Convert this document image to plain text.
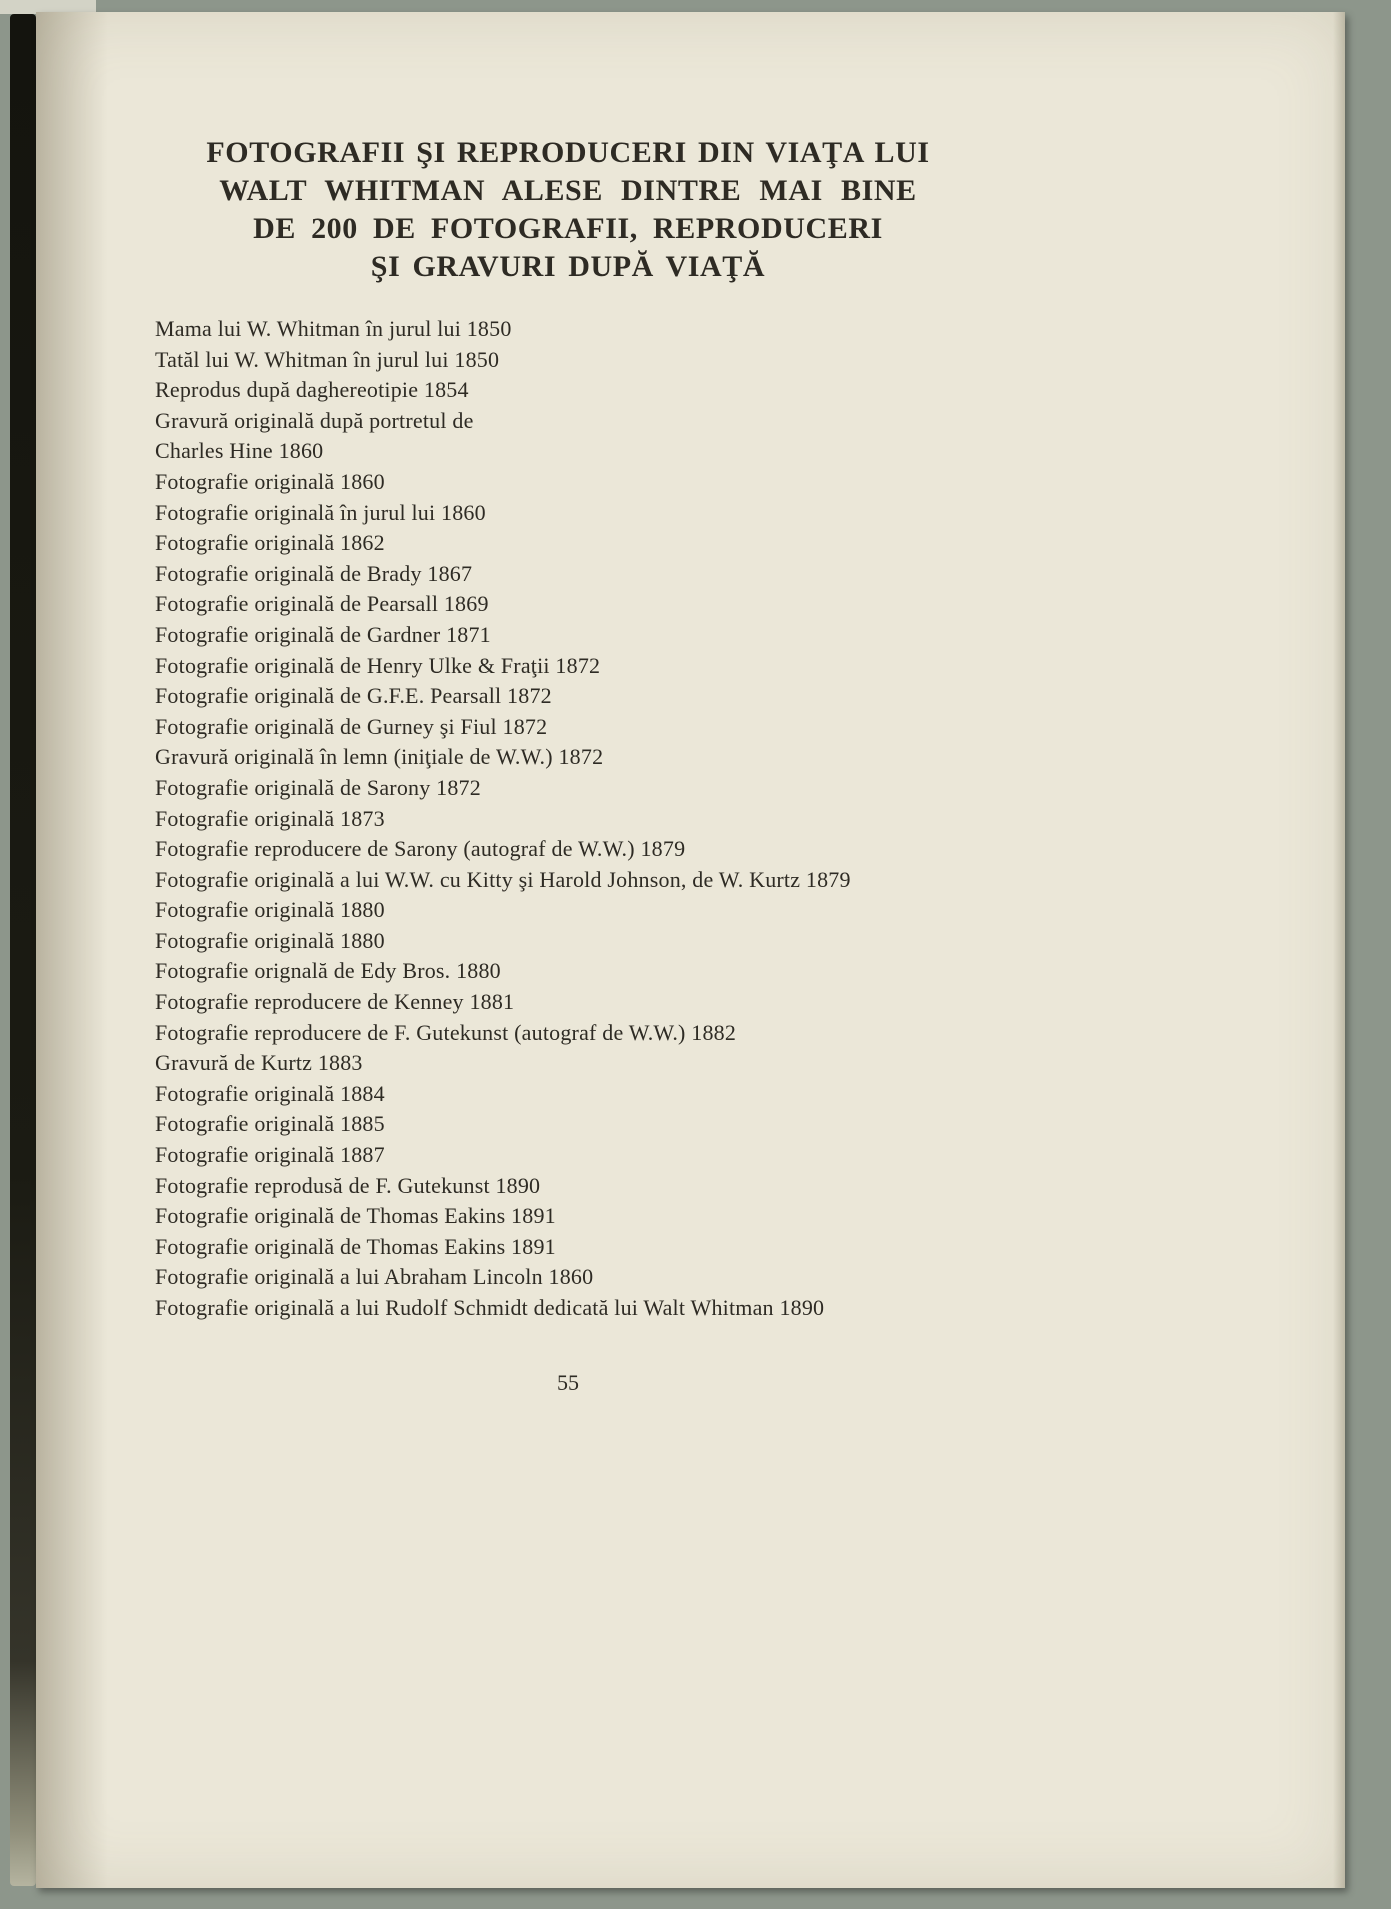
FOTOGRAFII ŞI REPRODUCERI DIN VIAŢA LUI
WALT WHITMAN ALESE DINTRE MAI BINE
DE 200 DE FOTOGRAFII, REPRODUCERI
ŞI GRAVURI DUPĂ VIAŢĂ
Mama lui W. Whitman în jurul lui 1850
Tatăl lui W. Whitman în jurul lui 1850
Reprodus după daghereotipie 1854
Gravură originală după portretul de
Charles Hine 1860
Fotografie originală 1860
Fotografie originală în jurul lui 1860
Fotografie originală 1862
Fotografie originală de Brady 1867
Fotografie originală de Pearsall 1869
Fotografie originală de Gardner 1871
Fotografie originală de Henry Ulke & Fraţii 1872
Fotografie originală de G.F.E. Pearsall 1872
Fotografie originală de Gurney şi Fiul 1872
Gravură originală în lemn (iniţiale de W.W.) 1872
Fotografie originală de Sarony 1872
Fotografie originală 1873
Fotografie reproducere de Sarony (autograf de W.W.) 1879
Fotografie originală a lui W.W. cu Kitty şi Harold Johnson, de W. Kurtz 1879
Fotografie originală 1880
Fotografie originală 1880
Fotografie orignală de Edy Bros. 1880
Fotografie reproducere de Kenney 1881
Fotografie reproducere de F. Gutekunst (autograf de W.W.) 1882
Gravură de Kurtz 1883
Fotografie originală 1884
Fotografie originală 1885
Fotografie originală 1887
Fotografie reprodusă de F. Gutekunst 1890
Fotografie originală de Thomas Eakins 1891
Fotografie originală de Thomas Eakins 1891
Fotografie originală a lui Abraham Lincoln 1860
Fotografie originală a lui Rudolf Schmidt dedicată lui Walt Whitman 1890
55
